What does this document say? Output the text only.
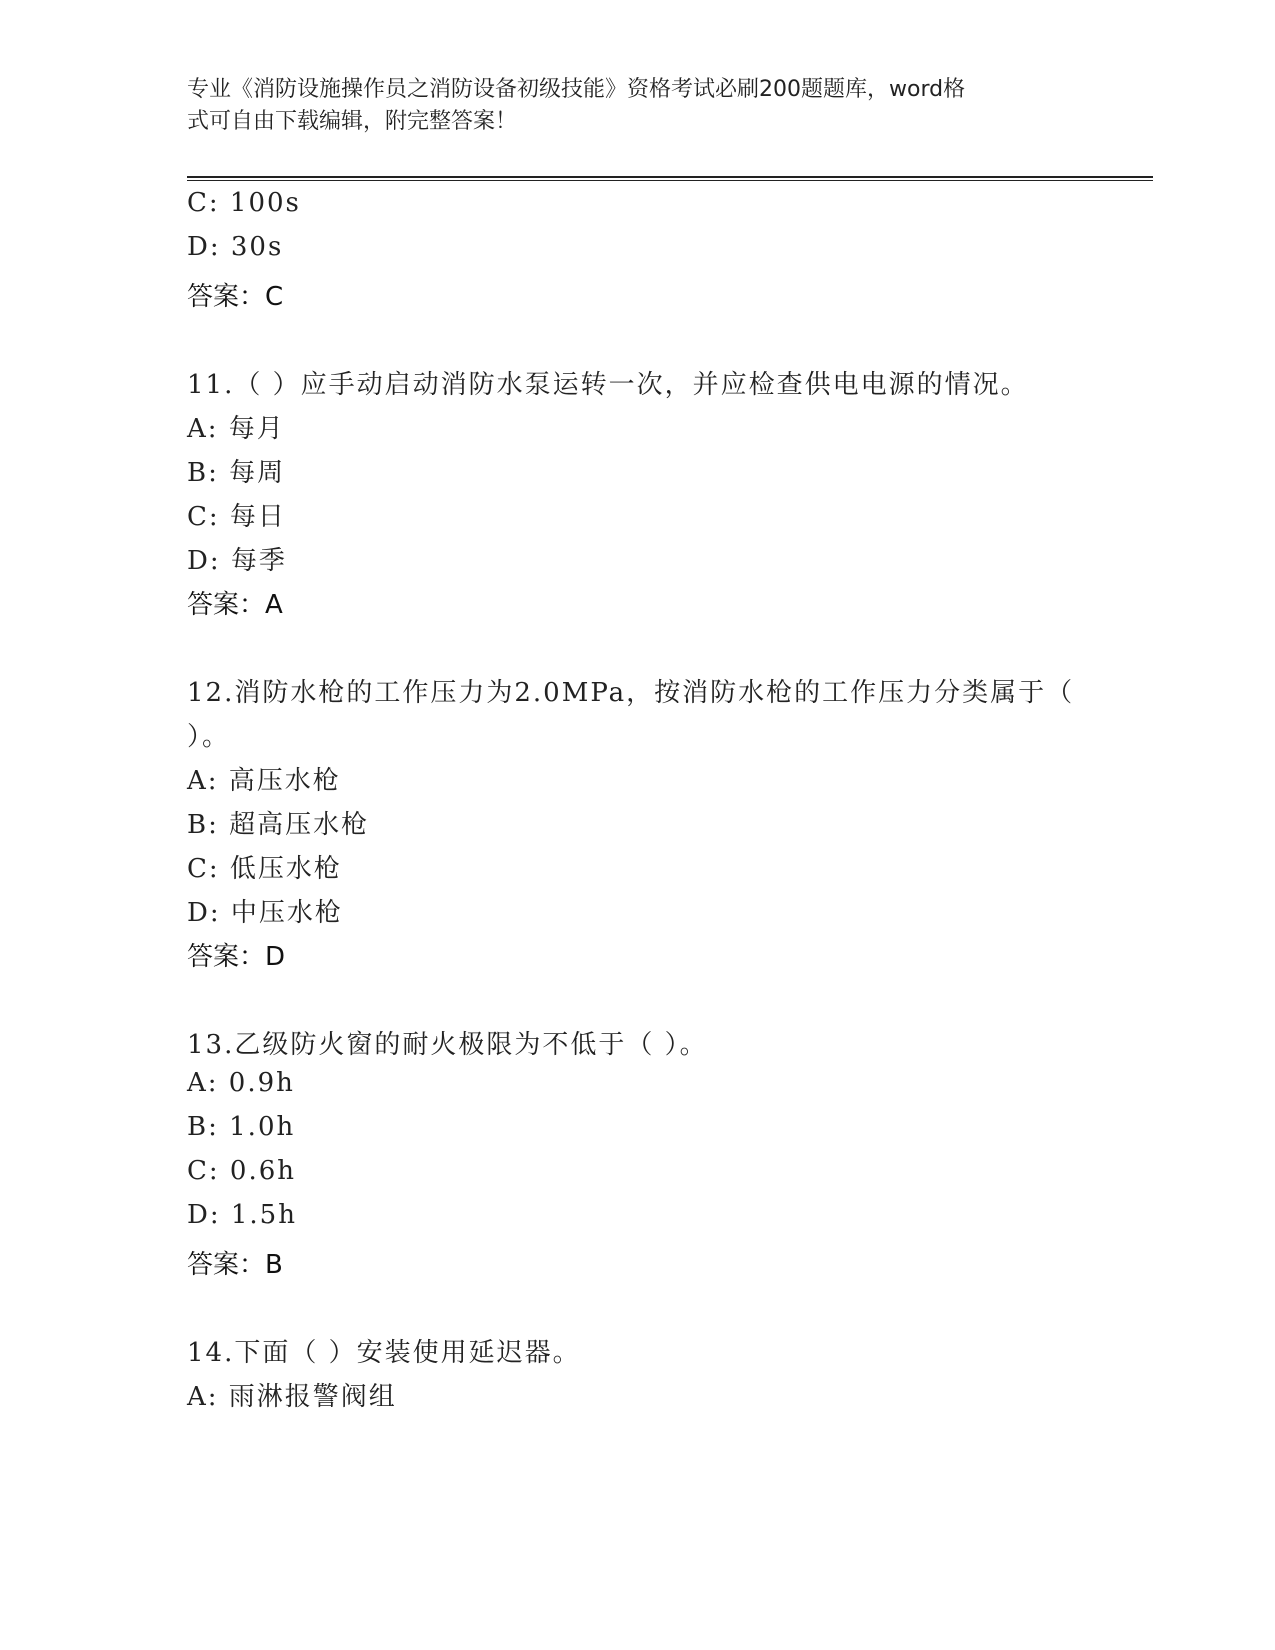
专业《消防设施操作员之消防设备初级技能》资格考试必刷200题题库，word格
式可自由下载编辑，附完整答案！
C: 100s
D: 30s
答案：C
11.（ ）应手动启动消防水泵运转一次，并应检查供电电源的情况。
A: 每月
B: 每周
C: 每日
D: 每季
答案：A
12.消防水枪的工作压力为2.0MPa，按消防水枪的工作压力分类属于（
）。
A: 高压水枪
B: 超高压水枪
C: 低压水枪
D: 中压水枪
答案：D
13.乙级防火窗的耐火极限为不低于（ ）。
A: 0.9h
B: 1.0h
C: 0.6h
D: 1.5h
答案：B
14.下面（ ）安装使用延迟器。
A: 雨淋报警阀组
